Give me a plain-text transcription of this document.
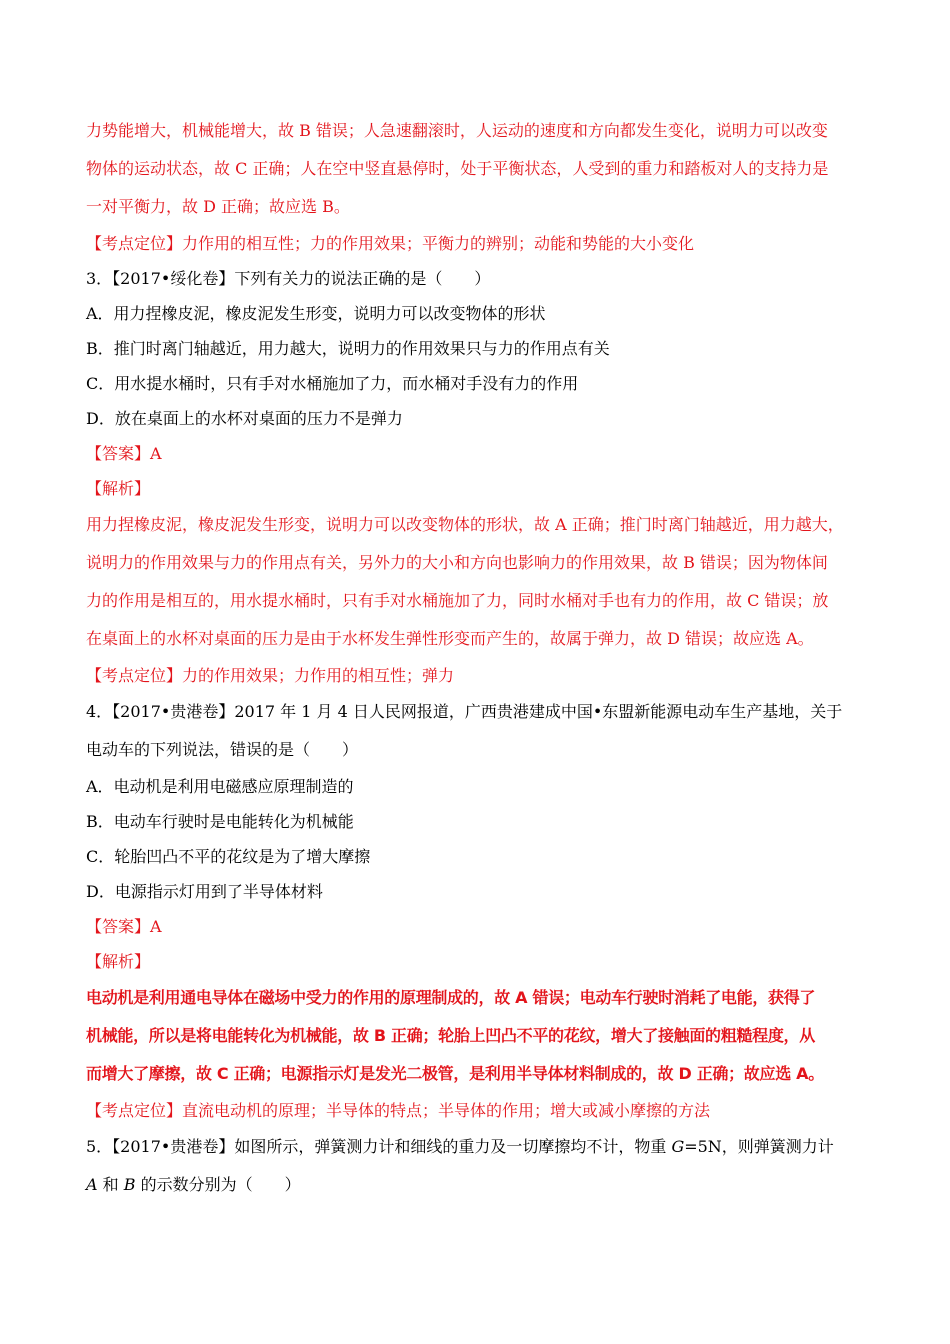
力势能增大，机械能增大，故 B 错误；人急速翻滚时，人运动的速度和方向都发生变化，说明力可以改变
物体的运动状态，故 C 正确；人在空中竖直悬停时，处于平衡状态，人受到的重力和踏板对人的支持力是
一对平衡力，故 D 正确；故应选 B。
【考点定位】力作用的相互性；力的作用效果；平衡力的辨别；动能和势能的大小变化
3．【2017•绥化卷】下列有关力的说法正确的是（　　）
A．用力捏橡皮泥，橡皮泥发生形变，说明力可以改变物体的形状
B．推门时离门轴越近，用力越大，说明力的作用效果只与力的作用点有关
C．用水提水桶时，只有手对水桶施加了力，而水桶对手没有力的作用
D．放在桌面上的水杯对桌面的压力不是弹力
【答案】A
【解析】
用力捏橡皮泥，橡皮泥发生形变，说明力可以改变物体的形状，故 A 正确；推门时离门轴越近，用力越大，
说明力的作用效果与力的作用点有关，另外力的大小和方向也影响力的作用效果，故 B 错误；因为物体间
力的作用是相互的，用水提水桶时，只有手对水桶施加了力，同时水桶对手也有力的作用，故 C 错误；放
在桌面上的水杯对桌面的压力是由于水杯发生弹性形变而产生的，故属于弹力，故 D 错误；故应选 A。
【考点定位】力的作用效果；力作用的相互性；弹力
4．【2017•贵港卷】2017 年 1 月 4 日人民网报道，广西贵港建成中国•东盟新能源电动车生产基地，关于
电动车的下列说法，错误的是（　　）
A．电动机是利用电磁感应原理制造的
B．电动车行驶时是电能转化为机械能
C．轮胎凹凸不平的花纹是为了增大摩擦
D．电源指示灯用到了半导体材料
【答案】A
【解析】
电动机是利用通电导体在磁场中受力的作用的原理制成的，故 A 错误；电动车行驶时消耗了电能，获得了
机械能，所以是将电能转化为机械能，故 B 正确；轮胎上凹凸不平的花纹，增大了接触面的粗糙程度，从
而增大了摩擦，故 C 正确；电源指示灯是发光二极管，是利用半导体材料制成的，故 D 正确；故应选 A。
【考点定位】直流电动机的原理；半导体的特点；半导体的作用；增大或减小摩擦的方法
5．【2017•贵港卷】如图所示，弹簧测力计和细线的重力及一切摩擦均不计，物重 G=5N，则弹簧测力计
A 和 B 的示数分别为（　　）
